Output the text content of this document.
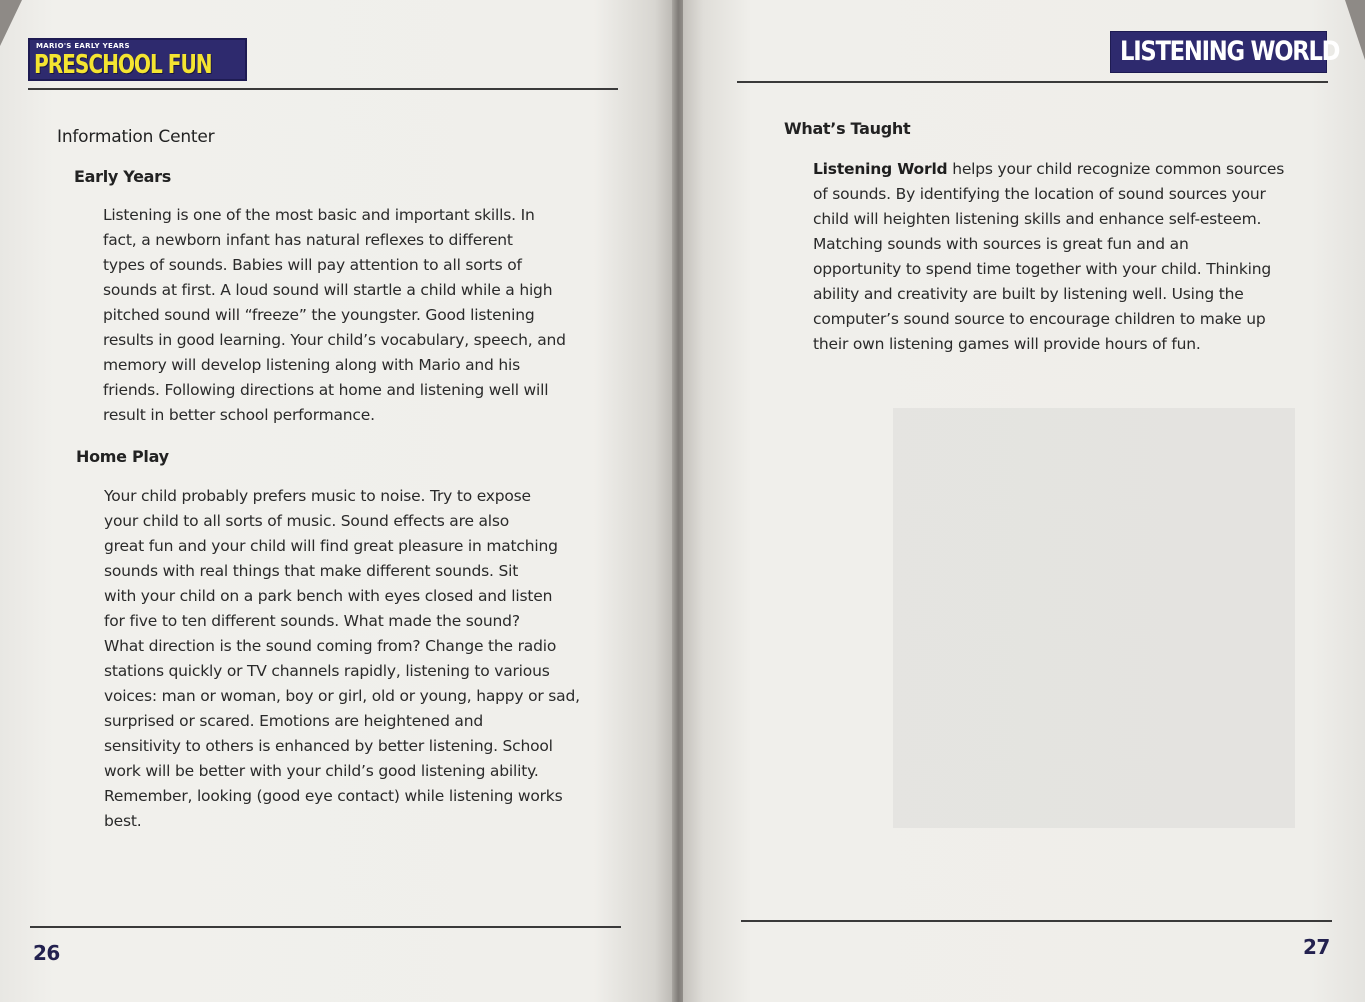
MARIO'S EARLY YEARS
PRESCHOOL FUN
Information Center
Early Years

Listening is one of the most basic and important skills. In
fact, a newborn infant has natural reflexes to different
types of sounds. Babies will pay attention to all sorts of
sounds at first. A loud sound will startle a child while a high
pitched sound will “freeze” the youngster. Good listening
results in good learning. Your child’s vocabulary, speech, and
memory will develop listening along with Mario and his
friends. Following directions at home and listening well will
result in better school performance.

Home Play

Your child probably prefers music to noise. Try to expose
your child to all sorts of music. Sound effects are also
great fun and your child will find great pleasure in matching
sounds with real things that make different sounds. Sit
with your child on a park bench with eyes closed and listen
for five to ten different sounds. What made the sound?
What direction is the sound coming from? Change the radio
stations quickly or TV channels rapidly, listening to various
voices: man or woman, boy or girl, old or young, happy or sad,
surprised or scared. Emotions are heightened and
sensitivity to others is enhanced by better listening. School
work will be better with your child’s good listening ability.
Remember, looking (good eye contact) while listening works
best.

26
LISTENING WORLD
What’s Taught

Listening World helps your child recognize common sources
of sounds. By identifying the location of sound sources your
child will heighten listening skills and enhance self-esteem.
Matching sounds with sources is great fun and an
opportunity to spend time together with your child. Thinking
ability and creativity are built by listening well. Using the
computer’s sound source to encourage children to make up
their own listening games will provide hours of fun.

27
